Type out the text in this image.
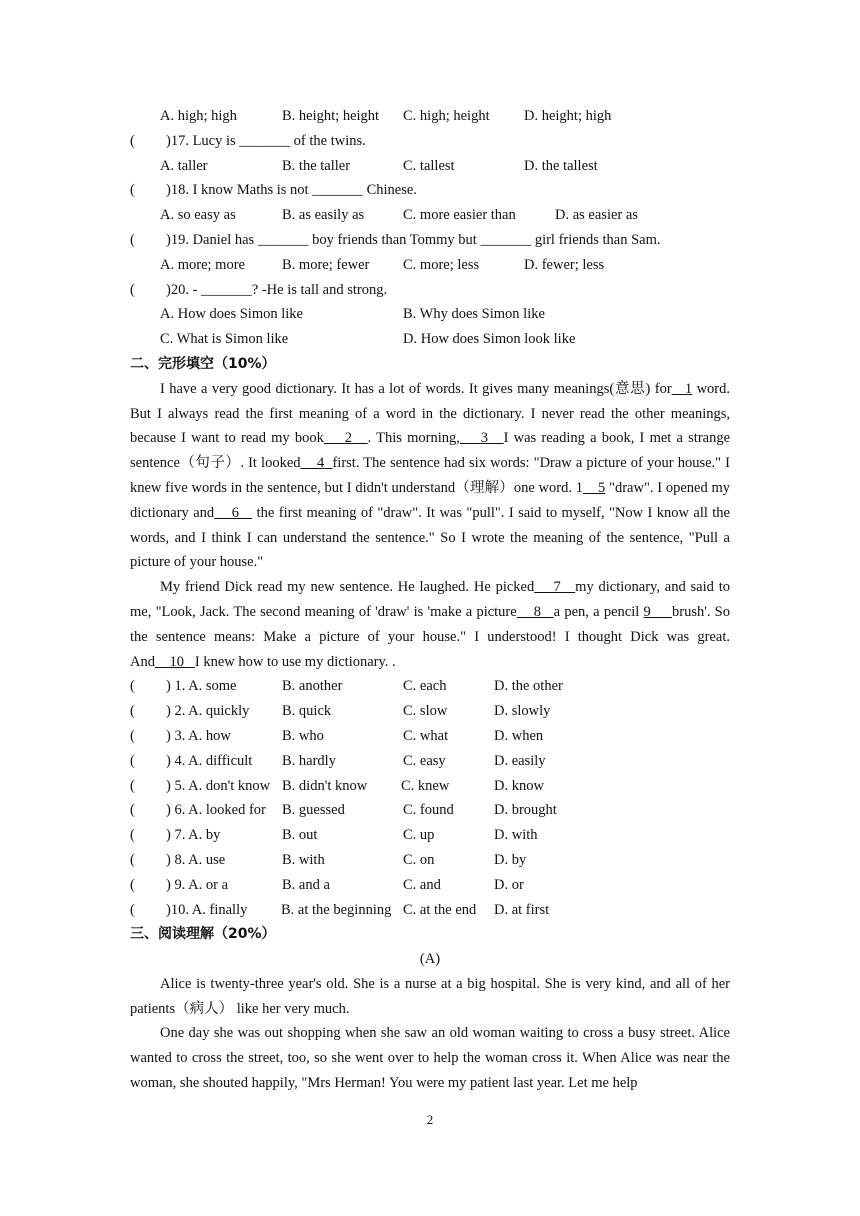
A. high; high	B. height; height C. high; height D. height; high
( )17. Lucy is _______ of the twins.
A. taller	B. the taller	C. tallest	D. the tallest
( )18. I know Maths is not _______ Chinese.
A. so easy as	B. as easily as	C. more easier than	D. as easier as
( )19. Daniel has _______ boy friends than Tommy but _______ girl friends than Sam.
A. more; more	B. more; fewer C. more; less	D. fewer; less
( )20. - _______? -He is tall and strong.
A. How does Simon like	B. Why does Simon like
C. What is Simon like	D. How does Simon look like
二、完形填空（10%）

I have a very good dictionary. It has a lot of words. It gives many meanings(意思) for 1 word. But I always read the first meaning of a word in the dictionary. I never read the other meanings, because I want to read my book 2 . This morning, 3 I was reading a book, I met a strange sentence（句子）. It looked 4 first. The sentence had six words: "Draw a picture of your house." I knew five words in the sentence, but I didn't understand（理解）one word. 1 5 "draw". I opened my dictionary and 6    the first meaning of "draw". It was "pull". I said to myself, "Now I know all the words, and I think I can understand the sentence." So I wrote the meaning of the sentence, "Pull a picture of your house."

My friend Dick read my new sentence. He laughed. He picked 7 my dictionary, and said to me, "Look, Jack. The second meaning of 'draw' is 'make a picture 8 a pen, a pencil 9 brush'. So the sentence means: Make a picture of your house." I understood! I thought Dick was great. And 10 I knew how to use my dictionary. .

( ) 1. A. some	B. another	C. each	D. the other
( ) 2. A. quickly B. quick	C. slow	D. slowly
( ) 3. A. how	B. who	C. what	D. when
( ) 4. A. difficult B. hardly	C. easy	D. easily
( ) 5. A. don't know B. didn't know C. knew	D. know
( ) 6. A. looked for B. guessed	C. found	D. brought
( ) 7. A. by	B. out	C. up	D. with
( ) 8. A. use	B. with	C. on	D. by
( ) 9. A. or a	B. and a	C. and	D. or
( )10. A. finally B. at the beginning C. at the end D. at first
三、阅读理解（20%）
(A)

Alice is twenty-three year's old. She is a nurse at a big hospital. She is very kind, and all of her patients（病人） like her very much.

One day she was out shopping when she saw an old woman waiting to cross a busy street. Alice wanted to cross the street, too, so she went over to help the woman cross it. When Alice was near the woman, she shouted happily, "Mrs Herman! You were my patient last year. Let me help

2
